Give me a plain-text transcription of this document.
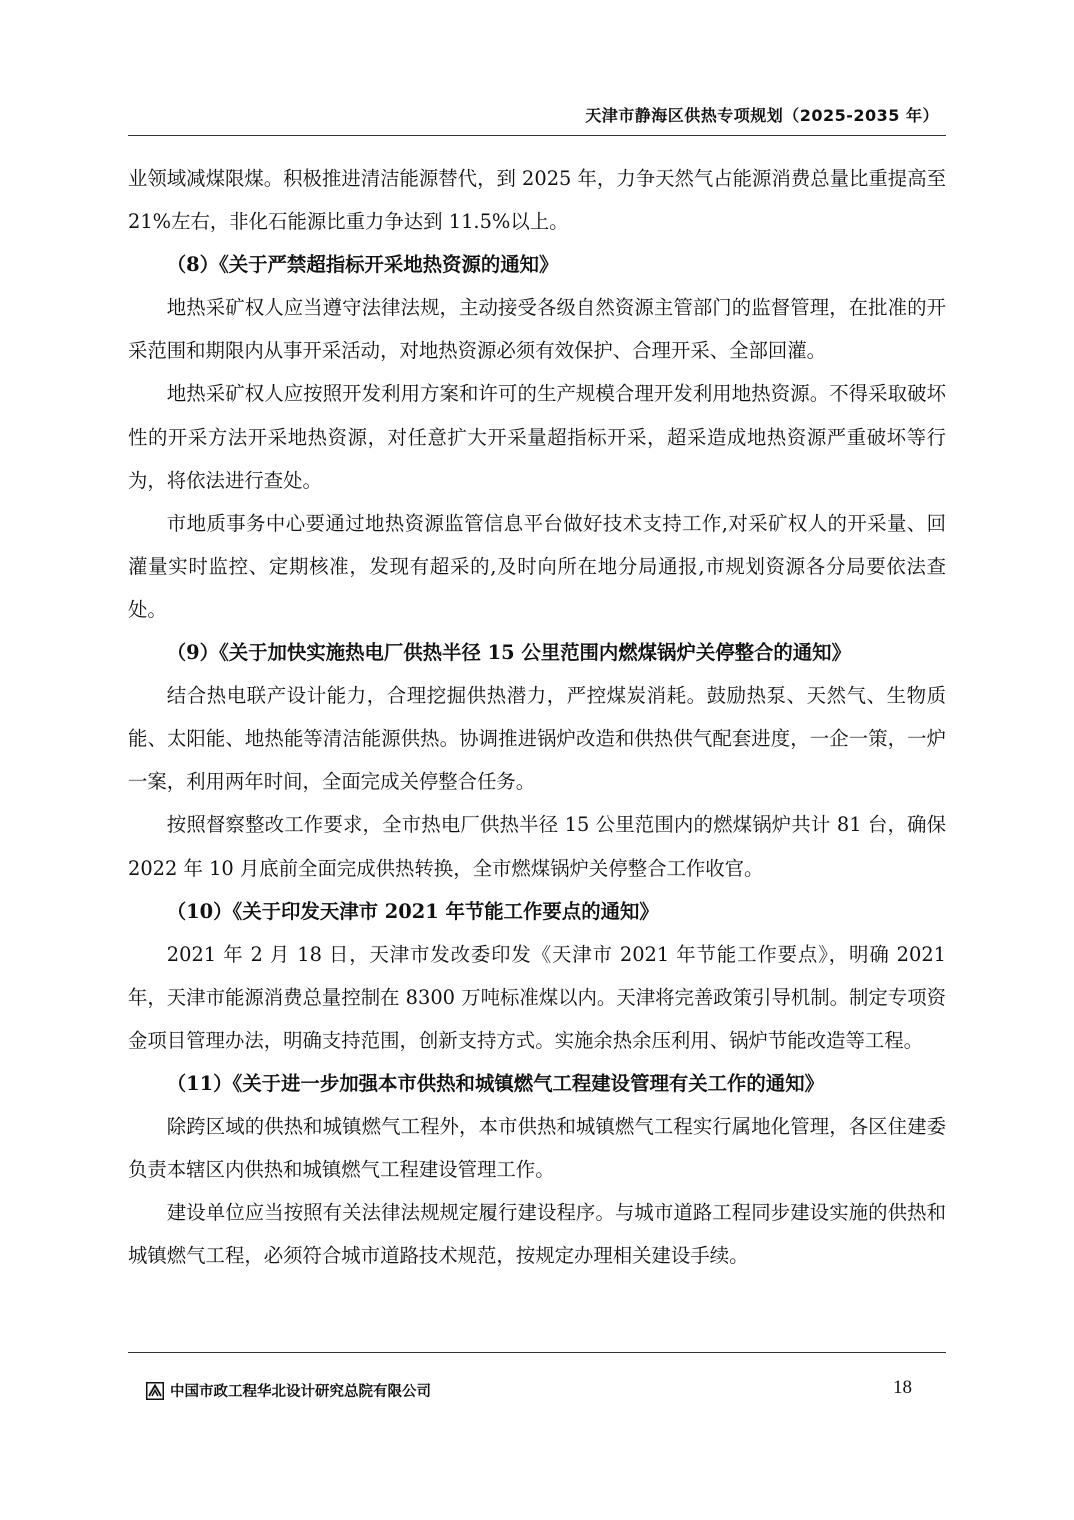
天津市静海区供热专项规划（2025-2035 年）

业领域减煤限煤。积极推进清洁能源替代，到 2025 年，力争天然气占能源消费总量比重提高至 21%左右，非化石能源比重力争达到 11.5%以上。

（8）《关于严禁超指标开采地热资源的通知》

地热采矿权人应当遵守法律法规，主动接受各级自然资源主管部门的监督管理，在批准的开采范围和期限内从事开采活动，对地热资源必须有效保护、合理开采、全部回灌。

地热采矿权人应按照开发利用方案和许可的生产规模合理开发利用地热资源。不得采取破坏性的开采方法开采地热资源，对任意扩大开采量超指标开采，超采造成地热资源严重破坏等行为，将依法进行查处。

市地质事务中心要通过地热资源监管信息平台做好技术支持工作,对采矿权人的开采量、回灌量实时监控、定期核准，发现有超采的,及时向所在地分局通报,市规划资源各分局要依法查处。

（9）《关于加快实施热电厂供热半径 15 公里范围内燃煤锅炉关停整合的通知》

结合热电联产设计能力，合理挖掘供热潜力，严控煤炭消耗。鼓励热泵、天然气、生物质能、太阳能、地热能等清洁能源供热。协调推进锅炉改造和供热供气配套进度，一企一策，一炉一案，利用两年时间，全面完成关停整合任务。

按照督察整改工作要求，全市热电厂供热半径 15 公里范围内的燃煤锅炉共计 81 台，确保 2022 年 10 月底前全面完成供热转换，全市燃煤锅炉关停整合工作收官。

（10）《关于印发天津市 2021 年节能工作要点的通知》

2021 年 2 月 18 日，天津市发改委印发《天津市 2021 年节能工作要点》，明确 2021 年，天津市能源消费总量控制在 8300 万吨标准煤以内。天津将完善政策引导机制。制定专项资金项目管理办法，明确支持范围，创新支持方式。实施余热余压利用、锅炉节能改造等工程。

（11）《关于进一步加强本市供热和城镇燃气工程建设管理有关工作的通知》

除跨区域的供热和城镇燃气工程外，本市供热和城镇燃气工程实行属地化管理，各区住建委负责本辖区内供热和城镇燃气工程建设管理工作。

建设单位应当按照有关法律法规规定履行建设程序。与城市道路工程同步建设实施的供热和城镇燃气工程，必须符合城市道路技术规范，按规定办理相关建设手续。

中国市政工程华北设计研究总院有限公司	18
